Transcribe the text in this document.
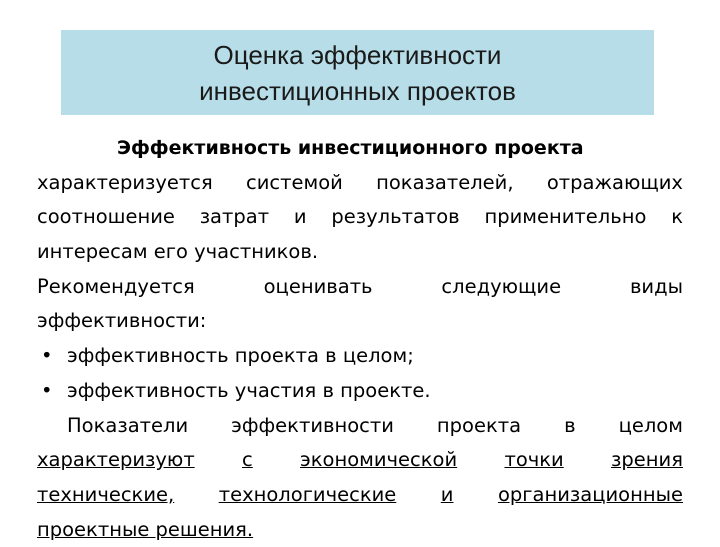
Оценка эффективности
инвестиционных проектов
Эффективность инвестиционного проекта
характеризуется системой показателей, отражающих
соотношение затрат и результатов применительно к
интересам его участников.
Рекомендуется	оценивать	следующие	виды
эффективности:
• эффективность проекта в целом;
• эффективность участия в проекте.
Показатели эффективности проекта в целом
характеризуют с экономической точки зрения
технические, технологические и организационные
проектные решения.
